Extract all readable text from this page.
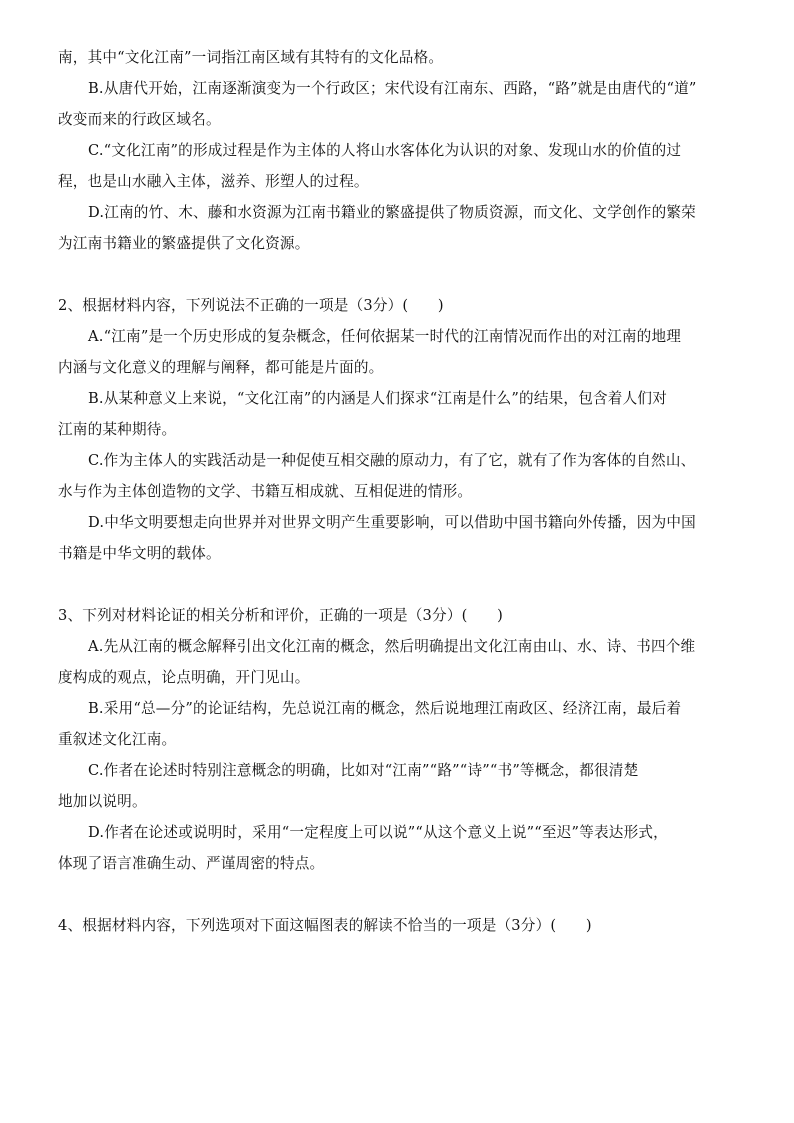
南，其中“文化江南”一词指江南区域有其特有的文化品格。
B.从唐代开始，江南逐渐演变为一个行政区；宋代设有江南东、西路，“路”就是由唐代的“道”
改变而来的行政区域名。
C.“文化江南”的形成过程是作为主体的人将山水客体化为认识的对象、发现山水的价值的过
程，也是山水融入主体，滋养、形塑人的过程。
D.江南的竹、木、藤和水资源为江南书籍业的繁盛提供了物质资源，而文化、文学创作的繁荣
为江南书籍业的繁盛提供了文化资源。
2、根据材料内容，下列说法不正确的一项是（3分）(　　)
A.“江南”是一个历史形成的复杂概念，任何依据某一时代的江南情况而作出的对江南的地理
内涵与文化意义的理解与阐释，都可能是片面的。
B.从某种意义上来说，“文化江南”的内涵是人们探求“江南是什么”的结果，包含着人们对
江南的某种期待。
C.作为主体人的实践活动是一种促使互相交融的原动力，有了它，就有了作为客体的自然山、
水与作为主体创造物的文学、书籍互相成就、互相促进的情形。
D.中华文明要想走向世界并对世界文明产生重要影响，可以借助中国书籍向外传播，因为中国
书籍是中华文明的载体。
3、下列对材料论证的相关分析和评价，正确的一项是（3分）(　　)
A.先从江南的概念解释引出文化江南的概念，然后明确提出文化江南由山、水、诗、书四个维
度构成的观点，论点明确，开门见山。
B.采用“总—分”的论证结构，先总说江南的概念，然后说地理江南政区、经济江南，最后着
重叙述文化江南。
C.作者在论述时特别注意概念的明确，比如对“江南”“路”“诗”“书”等概念，都很清楚
地加以说明。
D.作者在论述或说明时，采用“一定程度上可以说”“从这个意义上说”“至迟”等表达形式，
体现了语言准确生动、严谨周密的特点。
4、根据材料内容，下列选项对下面这幅图表的解读不恰当的一项是（3分）(　　)
